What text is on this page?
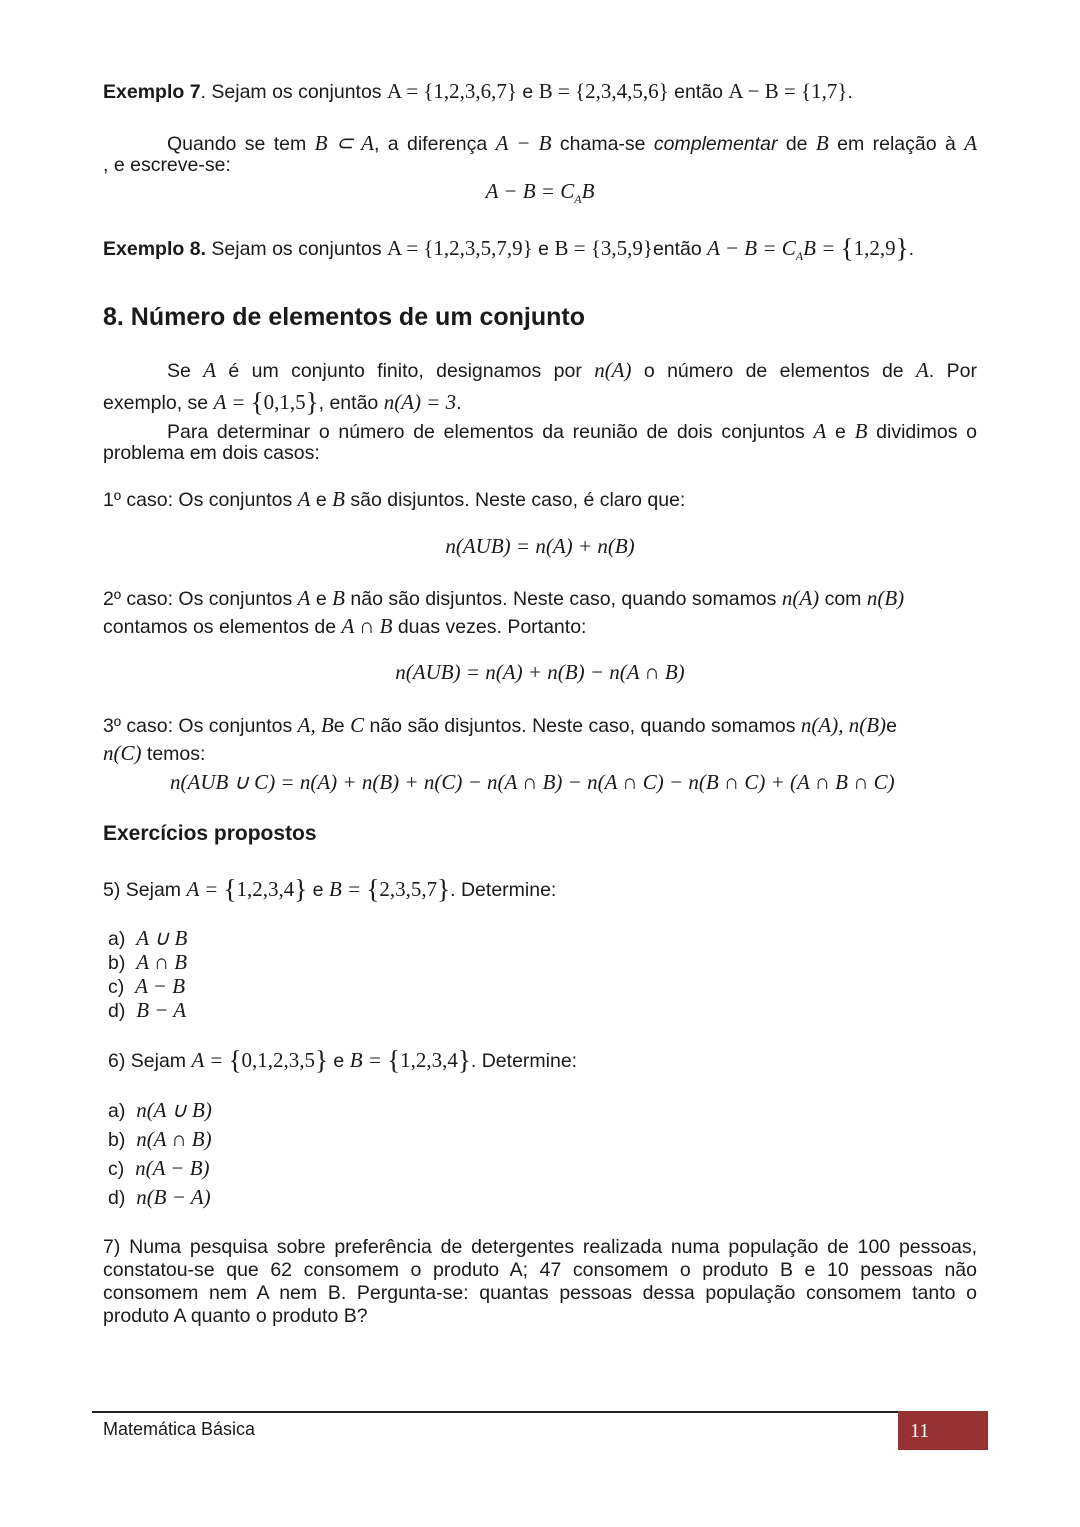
Exemplo 7. Sejam os conjuntos A = {1,2,3,6,7} e B = {2,3,4,5,6} então A − B = {1,7}.
Quando se tem B ⊂ A, a diferença A − B chama-se complementar de B em relação à A
, e escreve-se:
$A - B = C_AB$
Exemplo 8. Sejam os conjuntos A = {1,2,3,5,7,9} e B = {3,5,9}então $A - B = C_AB = \{1,2,9\}$.
8. Número de elementos de um conjunto
Se A é um conjunto finito, designamos por n(A) o número de elementos de A. Por
exemplo, se A = {0,1,5}, então n(A) = 3.
Para determinar o número de elementos da reunião de dois conjuntos A e B dividimos o
problema em dois casos:
1º caso: Os conjuntos A e B são disjuntos. Neste caso, é claro que:
n(AUB) = n(A) + n(B)
2º caso: Os conjuntos A e B não são disjuntos. Neste caso, quando somamos n(A) com n(B)
contamos os elementos de A ∩ B duas vezes. Portanto:
n(AUB) = n(A) + n(B) − n(A ∩ B)
3º caso: Os conjuntos A, Be C não são disjuntos. Neste caso, quando somamos n(A), n(B)e
n(C) temos:
n(AUB ∪ C) = n(A) + n(B) + n(C) − n(A ∩ B) − n(A ∩ C) − n(B ∩ C) + (A ∩ B ∩ C)
Exercícios propostos
5) Sejam A = {1,2,3,4} e B = {2,3,5,7}. Determine:
a) A ∪ B
b) A ∩ B
c) A − B
d) B − A
6) Sejam A = {0,1,2,3,5} e B = {1,2,3,4}. Determine:
a) n(A ∪ B)
b) n(A ∩ B)
c) n(A − B)
d) n(B − A)
7) Numa pesquisa sobre preferência de detergentes realizada numa população de 100 pessoas,
constatou-se que 62 consomem o produto A; 47 consomem o produto B e 10 pessoas não
consomem nem A nem B. Pergunta-se: quantas pessoas dessa população consomem tanto o
produto A quanto o produto B?
Matemática Básica	11
